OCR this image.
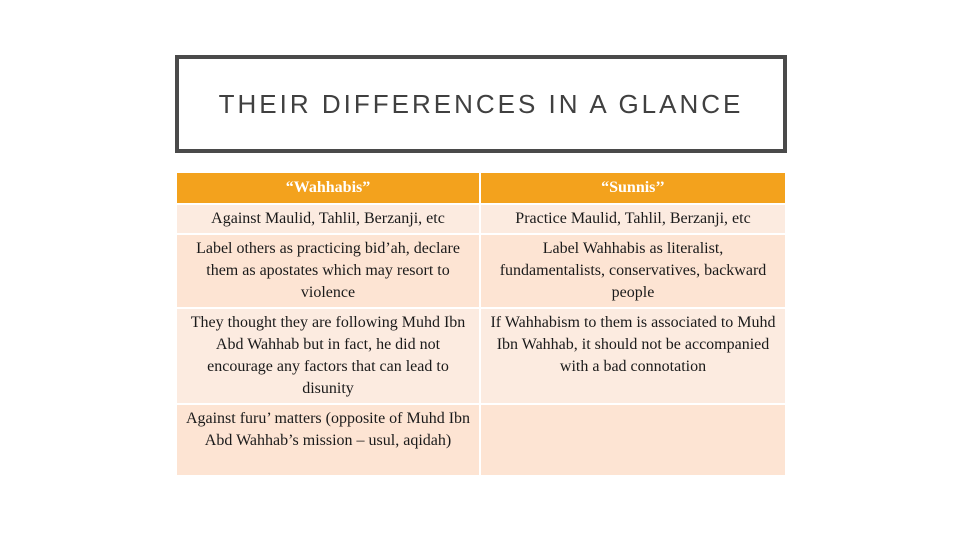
THEIR DIFFERENCES IN A GLANCE
“Wahhabis”	“Sunnis’’
Against Maulid, Tahlil, Berzanji, etc	Practice Maulid, Tahlil, Berzanji, etc
Label others as practicing bid’ah, declare them as apostates which may resort to violence	Label Wahhabis as literalist, fundamentalists, conservatives, backward people
They thought they are following Muhd Ibn Abd Wahhab but in fact, he did not encourage any factors that can lead to disunity	If Wahhabism to them is associated to Muhd Ibn Wahhab, it should not be accompanied with a bad connotation
Against furu’ matters (opposite of Muhd Ibn Abd Wahhab’s mission – usul, aqidah)	
